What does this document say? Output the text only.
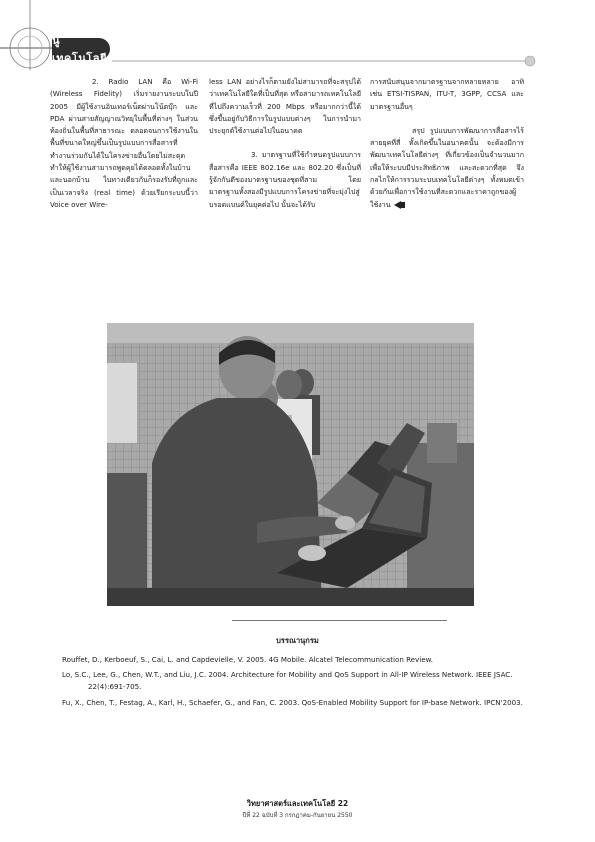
นูเทคโนโลยี

2. Radio LAN คือ Wi-Fi (Wireless Fidelity) เริ่มรายงานระบบในปี 2005 มีผู้ใช้งานอินเทอร์เน็ตผ่านโน้ตบุ๊ก และ PDA ผ่านสายสัญญาณวิทยุในพื้นที่ต่างๆ ในส่วนท้องถิ่นในพื้นที่สาธารณะ ตลอดจนการใช้งานในพื้นที่ขนาดใหญ่ขึ้นเป็นรูปแบบการสื่อสารที่ทำงานร่วมกันได้ในโครงข่ายอื่นโดยไม่สะดุด ทำให้ผู้ใช้งานสามารถพูดคุยได้ตลอดทั้งในบ้านและนอกบ้าน ในทางเดียวกันก็รองรับที่ถูกและเป็นเวลาจริง (real time) ด้วยเรียกระบบนี้ว่า Voice over Wire-

less LAN อย่างไรก็ตามยังไม่สามารถที่จะสรุปได้ว่าเทคโนโลยีใดที่เป็นที่สุด หรือสามารถเทคโนโลยีที่ไปถึงความเร็วที่ 200 Mbps หรือมากกว่านี้ได้ ซึ่งขึ้นอยู่กับวิธีการในรูปแบบต่างๆ ในการนำมาประยุกต์ใช้งานต่อไปในอนาคต

3. มาตรฐานที่ใช้กำหนดรูปแบบการสื่อสารคือ IEEE 802.16e และ 802.20 ซึ่งเป็นที่รู้จักกันดีของมาตรฐานของชุดที่สาม โดยมาตรฐานทั้งสองมีรูปแบบการโครงข่ายที่จะมุ่งไปสู่บรอดแบนด์ในยุคต่อไป นั้นจะได้รับ

การสนับสนุนจากมาตรฐานจากหลายหลาย อาทิเช่น ETSI-TISPAN, ITU-T, 3GPP, CCSA และมาตรฐานอื่นๆ

สรุป รูปแบบการพัฒนาการสื่อสารไร้สายยุคที่สี่ ทั้งเกิดขึ้นในอนาคตนั้น จะต้องมีการพัฒนาเทคโนโลยีต่างๆ ที่เกี่ยวข้องเป็นจำนวนมากเพื่อให้ระบบมีประสิทธิภาพ และสะดวกที่สุด จึงกลไกให้การรวมระบบเทคโนโลยีต่างๆ ทั้งหมดเข้าด้วยกันเพื่อการใช้งานที่สะดวกและราคาถูกของผู้ใช้งาน

บรรณานุกรม
Rouffet, D., Kerboeuf, S., Cai, L. and Capdevielle, V. 2005. 4G Mobile. Alcatel Telecommunication Review.
Lo, S.C., Lee, G., Chen, W.T., and Liu, J.C. 2004. Architecture for Mobility and QoS Support in All-IP Wireless Network. IEEE JSAC. 22(4):691-705.
Fu, X., Chen, T., Festag, A., Karl, H., Schaefer, G., and Fan, C. 2003. QoS-Enabled Mobility Support for IP-base Network. IPCN'2003.
วิทยาศาสตร์และเทคโนโลยี 22
ปีที่ 22 ฉบับที่ 3 กรกฎาคม-กันยายน 2550
